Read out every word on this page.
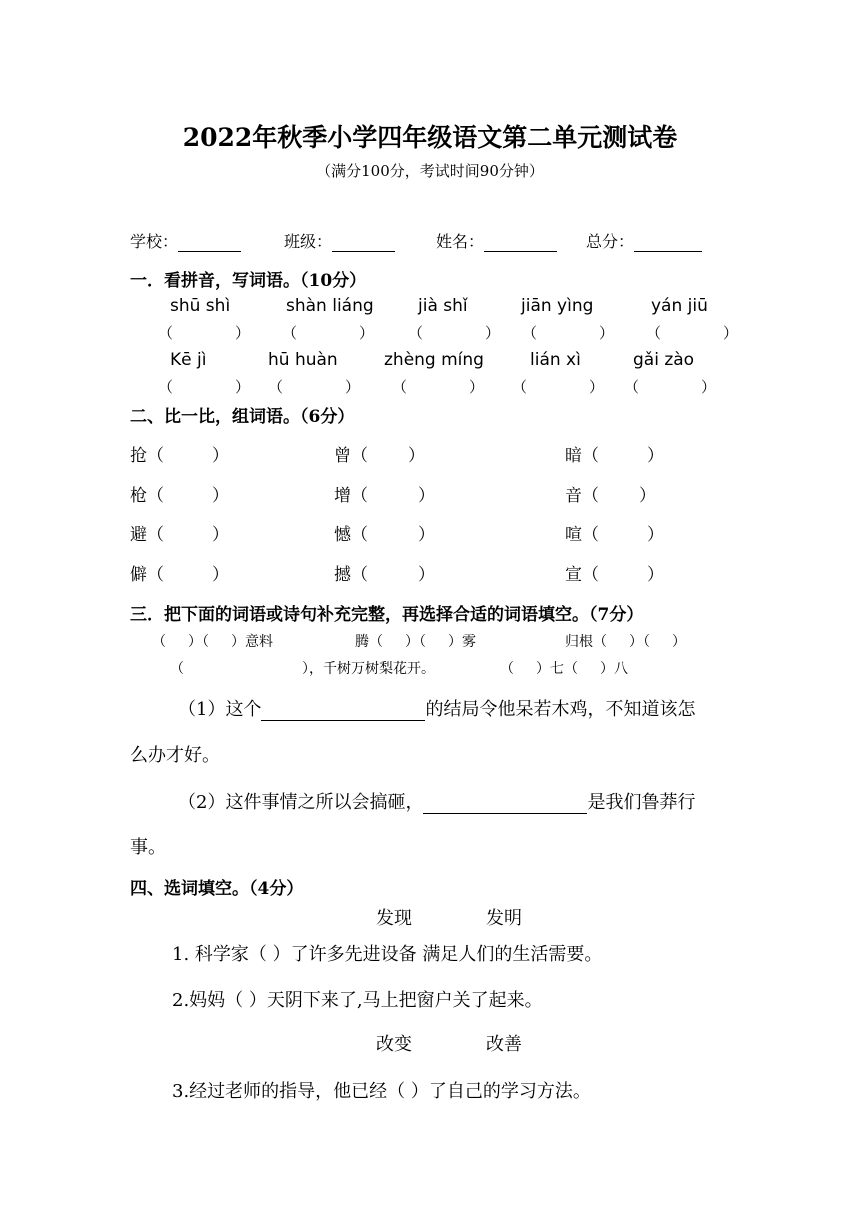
2022年秋季小学四年级语文第二单元测试卷
（满分100分，考试时间90分钟）
学校：	班级：	姓名：	总分：
一．看拼音，写词语。（10分）
shū shì	shàn liáng	jià shǐ	jiān yìng	yán jiū
（	） （	） （	） （	） （	）
Kē jì	hū huàn	zhèng míng	lián xì	gǎi zào
（	） （	） （	） （	） （	）
二、比一比，组词语。（6分）
抢（	）	曾（ ）	暗（	）
枪（	）	增（	）	音（ ）
避（	）	憾（	）	喧（	）
僻（	）	撼（	）	宣（	）
三．把下面的词语或诗句补充完整，再选择合适的词语填空。（7分）
（ ）（ ）意料	腾（ ）（ ）雾	归根（ ）（ ）
（	），千树万树梨花开。	（ ）七（ ）八
（1）这个	的结局令他呆若木鸡，不知道该怎
么办才好。
（2）这件事情之所以会搞砸，	是我们鲁莽行
事。
四、选词填空。（4分）
发现	发明
1. 科学家（ ）了许多先进设备 满足人们的生活需要。
2.妈妈（ ）天阴下来了,马上把窗户关了起来。
改变	改善
3.经过老师的指导，他已经（ ）了自己的学习方法。
